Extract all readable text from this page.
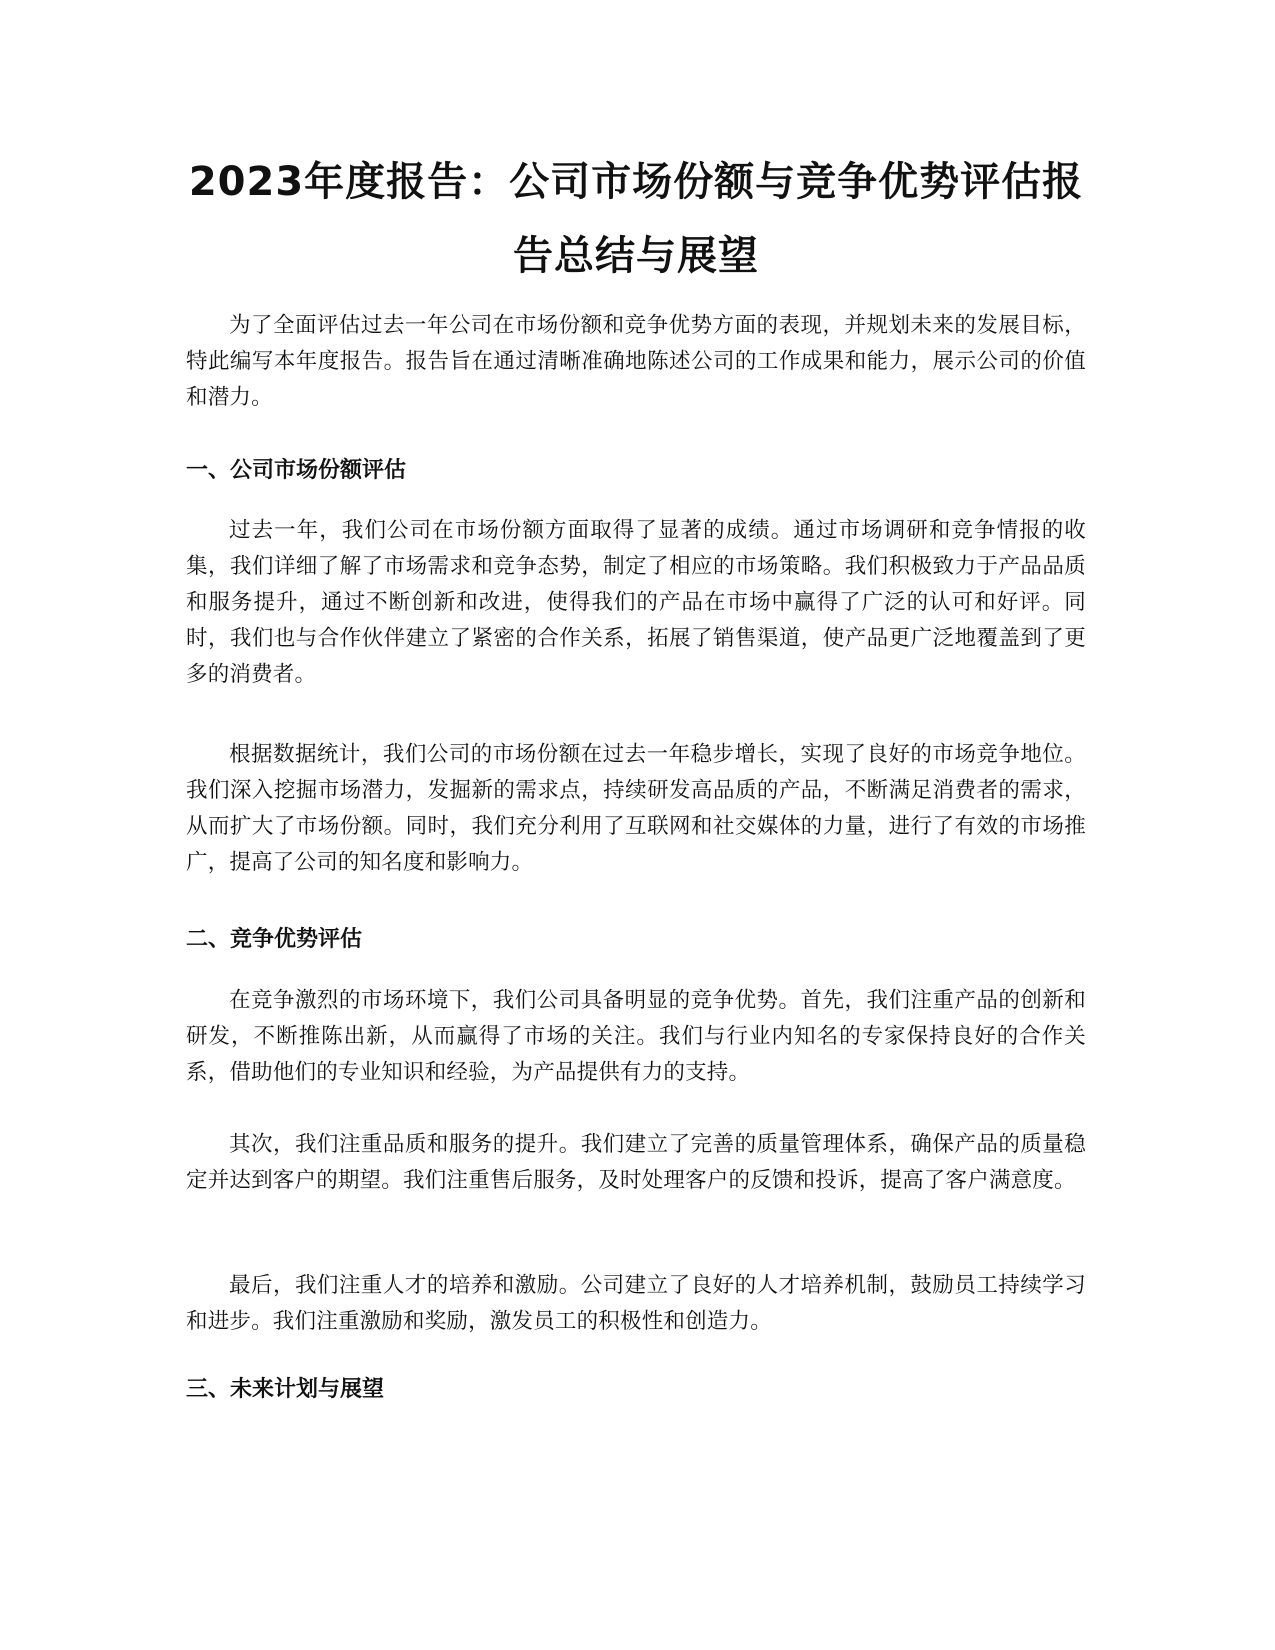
2023年度报告：公司市场份额与竞争优势评估报告总结与展望

为了全面评估过去一年公司在市场份额和竞争优势方面的表现，并规划未来的发展目标，特此编写本年度报告。报告旨在通过清晰准确地陈述公司的工作成果和能力，展示公司的价值和潜力。

一、公司市场份额评估

过去一年，我们公司在市场份额方面取得了显著的成绩。通过市场调研和竞争情报的收集，我们详细了解了市场需求和竞争态势，制定了相应的市场策略。我们积极致力于产品品质和服务提升，通过不断创新和改进，使得我们的产品在市场中赢得了广泛的认可和好评。同时，我们也与合作伙伴建立了紧密的合作关系，拓展了销售渠道，使产品更广泛地覆盖到了更多的消费者。

根据数据统计，我们公司的市场份额在过去一年稳步增长，实现了良好的市场竞争地位。我们深入挖掘市场潜力，发掘新的需求点，持续研发高品质的产品，不断满足消费者的需求，从而扩大了市场份额。同时，我们充分利用了互联网和社交媒体的力量，进行了有效的市场推广，提高了公司的知名度和影响力。

二、竞争优势评估

在竞争激烈的市场环境下，我们公司具备明显的竞争优势。首先，我们注重产品的创新和研发，不断推陈出新，从而赢得了市场的关注。我们与行业内知名的专家保持良好的合作关系，借助他们的专业知识和经验，为产品提供有力的支持。

其次，我们注重品质和服务的提升。我们建立了完善的质量管理体系，确保产品的质量稳定并达到客户的期望。我们注重售后服务，及时处理客户的反馈和投诉，提高了客户满意度。

最后，我们注重人才的培养和激励。公司建立了良好的人才培养机制，鼓励员工持续学习和进步。我们注重激励和奖励，激发员工的积极性和创造力。

三、未来计划与展望
